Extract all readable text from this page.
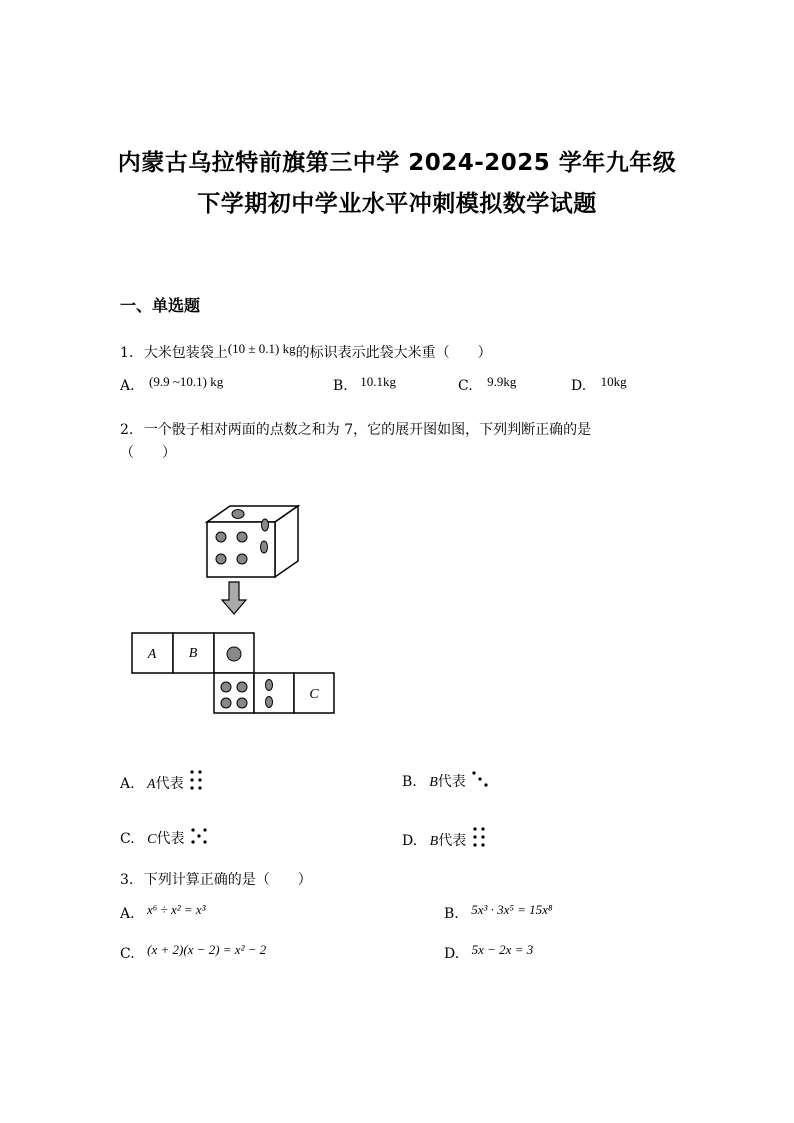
内蒙古乌拉特前旗第三中学 2024-2025 学年九年级
下学期初中学业水平冲刺模拟数学试题
一、单选题
1. 大米包装袋上(10 ± 0.1) kg的标识表示此袋大米重（　　）
A. (9.9 ~10.1) kg	B. 10.1kg	C. 9.9kg	D. 10kg
2. 一个骰子相对两面的点数之和为 7，它的展开图如图，下列判断正确的是
（　　）
A B
C
A. A代表	B. B代表
C. C代表	D. B代表
3. 下列计算正确的是（　　）
A. x⁶ ÷ x² = x³	B. 5x³ · 3x⁵ = 15x⁸
C. (x + 2)(x − 2) = x² − 2	D. 5x − 2x = 3
